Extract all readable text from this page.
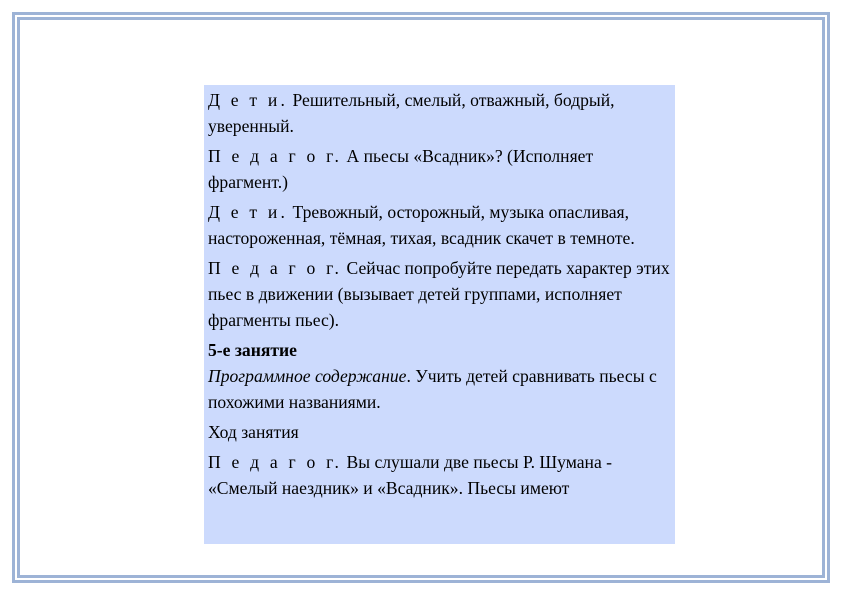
Д е т и. Решительный, смелый, отважный, бодрый, уверенный.

П е д а г о г. А пьесы «Всадник»? (Исполняет фрагмент.)

Д е т и. Тревожный, осторожный, музыка опасливая, настороженная, тёмная, тихая, всадник скачет в темноте.

П е д а г о г. Сейчас попробуйте передать характер этих пьес в движении (вызывает детей группами, исполняет фрагменты пьес).

5-е занятие

Программное содержание. Учить детей сравнивать пьесы с похожими названиями.

Ход занятия

П е д а г о г. Вы слушали две пьесы Р. Шумана - «Смелый наездник» и «Всадник». Пьесы имеют
